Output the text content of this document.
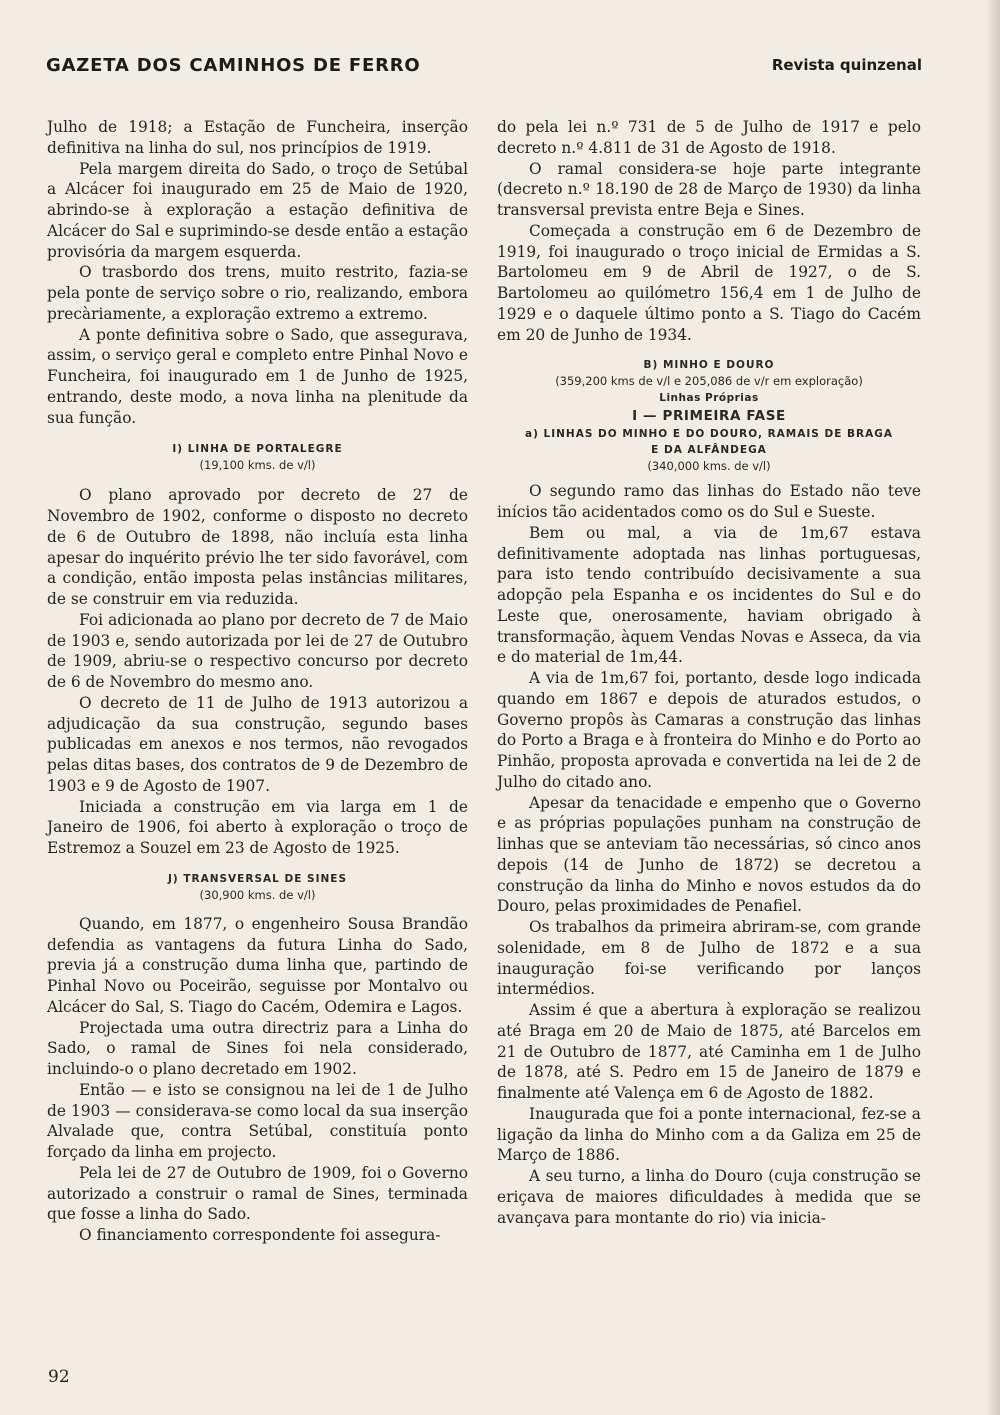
GAZETA DOS CAMINHOS DE FERRO	Revista quinzenal

Julho de 1918; a Estação de Funcheira, inserção definitiva na linha do sul, nos princípios de 1919.

Pela margem direita do Sado, o troço de Setúbal a Alcácer foi inaugurado em 25 de Maio de 1920, abrindo-se à exploração a estação definitiva de Alcácer do Sal e suprimindo-se desde então a estação provisória da margem esquerda.

O trasbordo dos trens, muito restrito, fazia-se pela ponte de serviço sobre o rio, realizando, embora precàriamente, a exploração extremo a extremo.

A ponte definitiva sobre o Sado, que assegurava, assim, o serviço geral e completo entre Pinhal Novo e Funcheira, foi inaugurado em 1 de Junho de 1925, entrando, deste modo, a nova linha na plenitude da sua função.

I) LINHA DE PORTALEGRE
(19,100 kms. de v/l)

O plano aprovado por decreto de 27 de Novembro de 1902, conforme o disposto no decreto de 6 de Outubro de 1898, não incluía esta linha apesar do inquérito prévio lhe ter sido favorável, com a condição, então imposta pelas instâncias militares, de se construir em via reduzida.

Foi adicionada ao plano por decreto de 7 de Maio de 1903 e, sendo autorizada por lei de 27 de Outubro de 1909, abriu-se o respectivo concurso por decreto de 6 de Novembro do mesmo ano.

O decreto de 11 de Julho de 1913 autorizou a adjudicação da sua construção, segundo bases publicadas em anexos e nos termos, não revogados pelas ditas bases, dos contratos de 9 de Dezembro de 1903 e 9 de Agosto de 1907.

Iniciada a construção em via larga em 1 de Janeiro de 1906, foi aberto à exploração o troço de Estremoz a Souzel em 23 de Agosto de 1925.

J) TRANSVERSAL DE SINES
(30,900 kms. de v/l)

Quando, em 1877, o engenheiro Sousa Brandão defendia as vantagens da futura Linha do Sado, previa já a construção duma linha que, partindo de Pinhal Novo ou Poceirão, seguisse por Montalvo ou Alcácer do Sal, S. Tiago do Cacém, Odemira e Lagos.

Projectada uma outra directriz para a Linha do Sado, o ramal de Sines foi nela considerado, incluindo-o o plano decretado em 1902.

Então — e isto se consignou na lei de 1 de Julho de 1903 — considerava-se como local da sua inserção Alvalade que, contra Setúbal, constituía ponto forçado da linha em projecto.

Pela lei de 27 de Outubro de 1909, foi o Governo autorizado a construir o ramal de Sines, terminada que fosse a linha do Sado.

O financiamento correspondente foi assegura-

do pela lei n.º 731 de 5 de Julho de 1917 e pelo decreto n.º 4.811 de 31 de Agosto de 1918.

O ramal considera-se hoje parte integrante (decreto n.º 18.190 de 28 de Março de 1930) da linha transversal prevista entre Beja e Sines.

Começada a construção em 6 de Dezembro de 1919, foi inaugurado o troço inicial de Ermidas a S. Bartolomeu em 9 de Abril de 1927, o de S. Bartolomeu ao quilómetro 156,4 em 1 de Julho de 1929 e o daquele último ponto a S. Tiago do Cacém em 20 de Junho de 1934.

B) MINHO E DOURO
(359,200 kms de v/l e 205,086 de v/r em exploração)
Linhas Próprias
I — PRIMEIRA FASE
a) LINHAS DO MINHO E DO DOURO, RAMAIS DE BRAGA
E DA ALFÂNDEGA
(340,000 kms. de v/l)

O segundo ramo das linhas do Estado não teve inícios tão acidentados como os do Sul e Sueste.

Bem ou mal, a via de 1m,67 estava definitivamente adoptada nas linhas portuguesas, para isto tendo contribuído decisivamente a sua adopção pela Espanha e os incidentes do Sul e do Leste que, onerosamente, haviam obrigado à transformação, àquem Vendas Novas e Asseca, da via e do material de 1m,44.

A via de 1m,67 foi, portanto, desde logo indicada quando em 1867 e depois de aturados estudos, o Governo propôs às Camaras a construção das linhas do Porto a Braga e à fronteira do Minho e do Porto ao Pinhão, proposta aprovada e convertida na lei de 2 de Julho do citado ano.

Apesar da tenacidade e empenho que o Governo e as próprias populações punham na construção de linhas que se anteviam tão necessárias, só cinco anos depois (14 de Junho de 1872) se decretou a construção da linha do Minho e novos estudos da do Douro, pelas proximidades de Penafiel.

Os trabalhos da primeira abriram-se, com grande solenidade, em 8 de Julho de 1872 e a sua inauguração foi-se verificando por lanços intermédios.

Assim é que a abertura à exploração se realizou até Braga em 20 de Maio de 1875, até Barcelos em 21 de Outubro de 1877, até Caminha em 1 de Julho de 1878, até S. Pedro em 15 de Janeiro de 1879 e finalmente até Valença em 6 de Agosto de 1882.

Inaugurada que foi a ponte internacional, fez-se a ligação da linha do Minho com a da Galiza em 25 de Março de 1886.

A seu turno, a linha do Douro (cuja construção se eriçava de maiores dificuldades à medida que se avançava para montante do rio) via inicia-

92
